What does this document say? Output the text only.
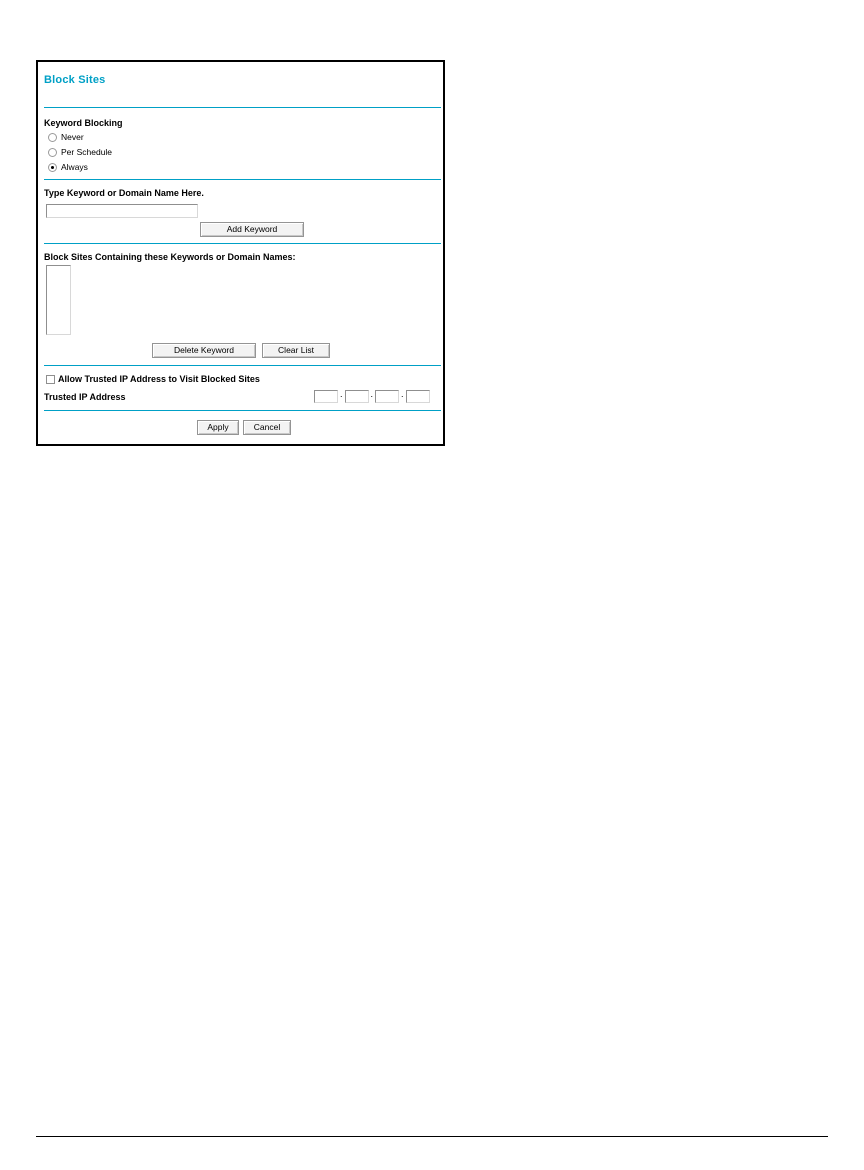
Block Sites
Keyword Blocking
Never
Per Schedule
Always
Type Keyword or Domain Name Here.
Add Keyword
Block Sites Containing these Keywords or Domain Names:
Delete Keyword	Clear List
Allow Trusted IP Address to Visit Blocked Sites
Trusted IP Address	.	.	.
Apply	Cancel
